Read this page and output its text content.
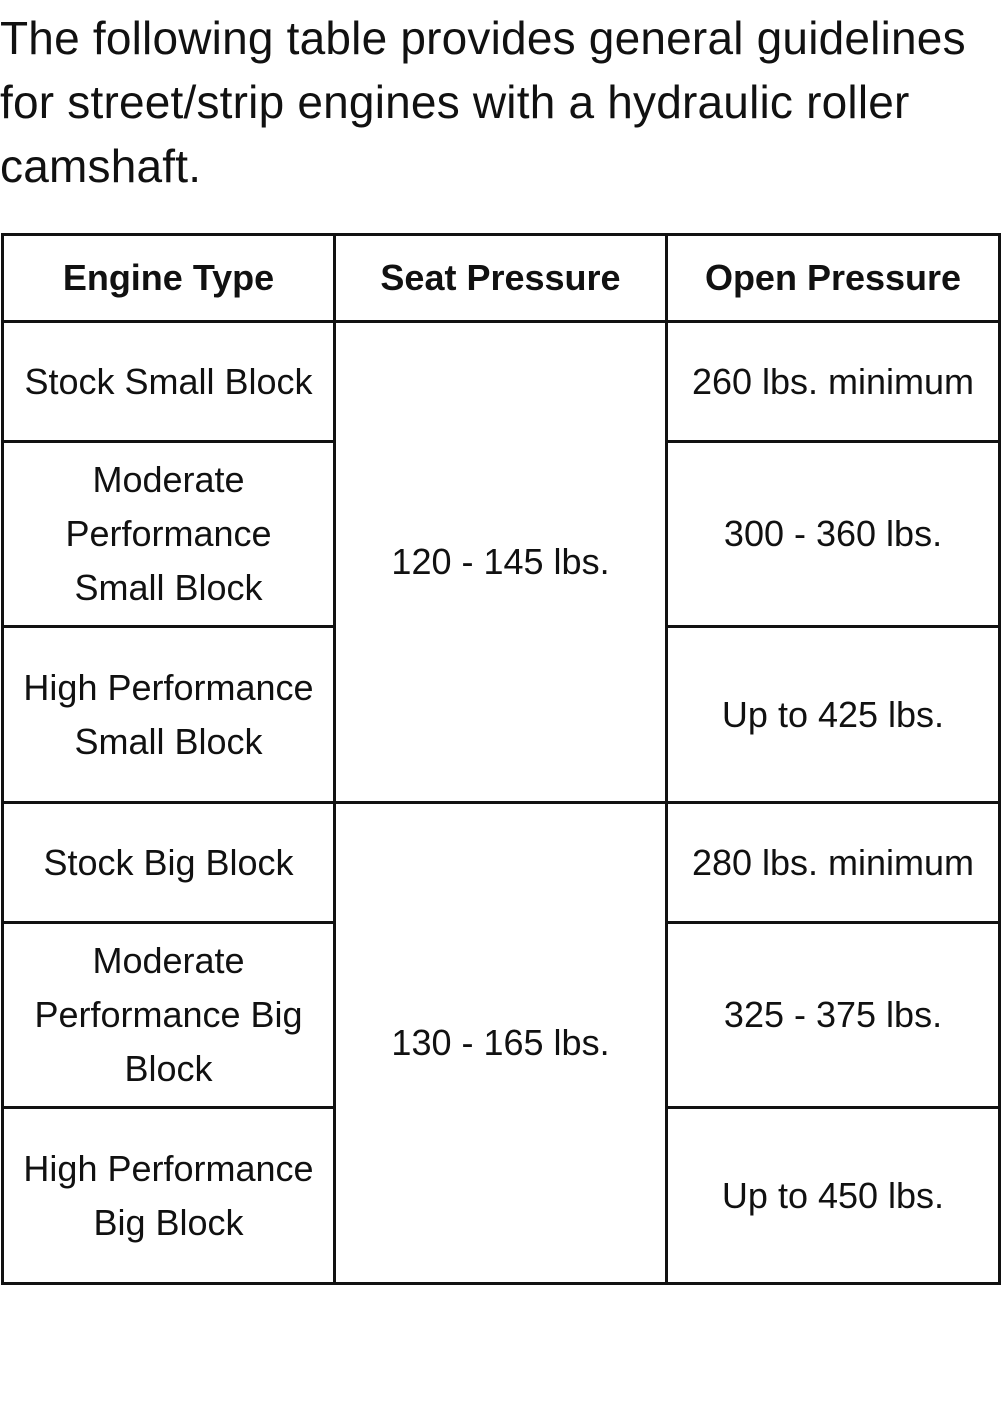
The following table provides general guidelines for street/strip engines with a hydraulic roller camshaft.

Engine Type	Seat Pressure	Open Pressure
Stock Small Block	120 - 145 lbs.	260 lbs. minimum
Moderate Performance Small Block		300 - 360 lbs.
High Performance Small Block		Up to 425 lbs.
Stock Big Block	130 - 165 lbs.	280 lbs. minimum
Moderate Performance Big Block		325 - 375 lbs.
High Performance Big Block		Up to 450 lbs.
